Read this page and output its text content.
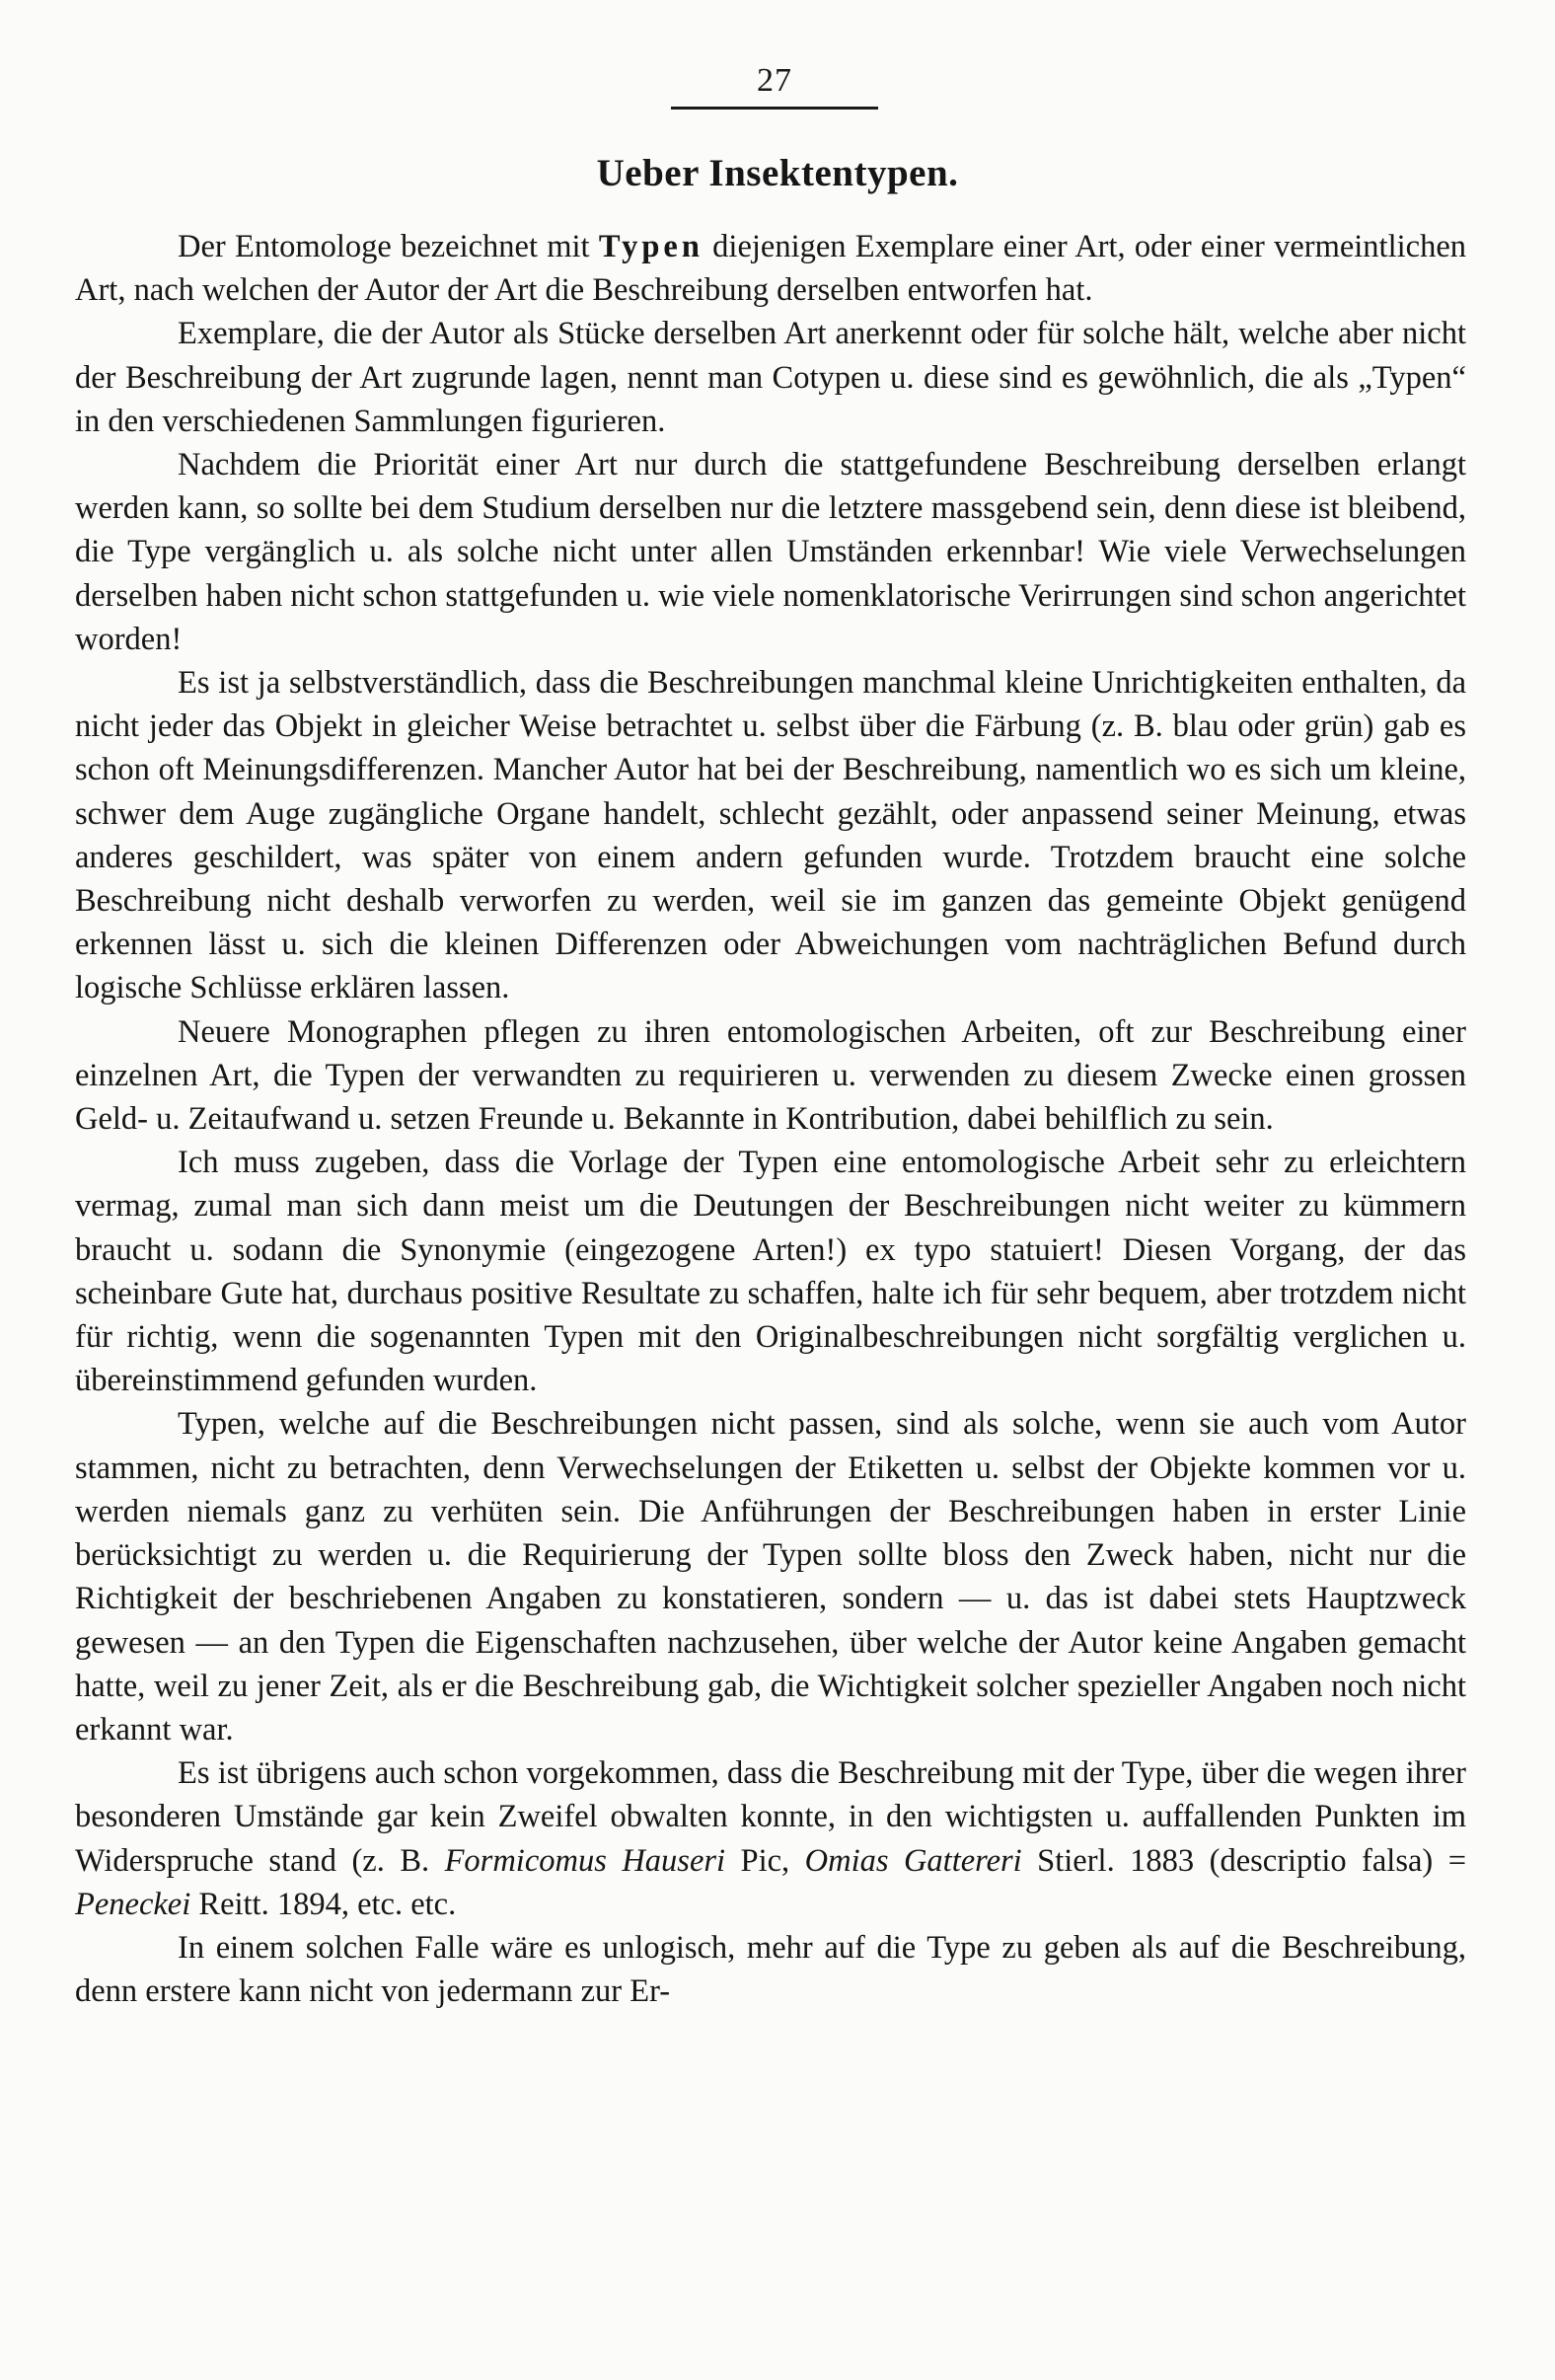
27
Ueber Insektentypen.

Der Entomologe bezeichnet mit Typen diejenigen Exemplare einer Art, oder einer vermeintlichen Art, nach welchen der Autor der Art die Beschreibung derselben entworfen hat.

Exemplare, die der Autor als Stücke derselben Art anerkennt oder für solche hält, welche aber nicht der Beschreibung der Art zugrunde lagen, nennt man Cotypen u. diese sind es gewöhnlich, die als „Typen“ in den verschiedenen Sammlungen figurieren.

Nachdem die Priorität einer Art nur durch die stattgefundene Beschreibung derselben erlangt werden kann, so sollte bei dem Studium derselben nur die letztere massgebend sein, denn diese ist bleibend, die Type vergänglich u. als solche nicht unter allen Umständen erkennbar! Wie viele Verwechselungen derselben haben nicht schon stattgefunden u. wie viele nomenklatorische Verirrungen sind schon angerichtet worden!

Es ist ja selbstverständlich, dass die Beschreibungen manchmal kleine Unrichtigkeiten enthalten, da nicht jeder das Objekt in gleicher Weise betrachtet u. selbst über die Färbung (z. B. blau oder grün) gab es schon oft Meinungsdifferenzen. Mancher Autor hat bei der Beschreibung, namentlich wo es sich um kleine, schwer dem Auge zugängliche Organe handelt, schlecht gezählt, oder anpassend seiner Meinung, etwas anderes geschildert, was später von einem andern gefunden wurde. Trotzdem braucht eine solche Beschreibung nicht deshalb verworfen zu werden, weil sie im ganzen das gemeinte Objekt genügend erkennen lässt u. sich die kleinen Differenzen oder Abweichungen vom nachträglichen Befund durch logische Schlüsse erklären lassen.

Neuere Monographen pflegen zu ihren entomologischen Arbeiten, oft zur Beschreibung einer einzelnen Art, die Typen der verwandten zu requirieren u. verwenden zu diesem Zwecke einen grossen Geld- u. Zeitaufwand u. setzen Freunde u. Bekannte in Kontribution, dabei behilflich zu sein.

Ich muss zugeben, dass die Vorlage der Typen eine entomologische Arbeit sehr zu erleichtern vermag, zumal man sich dann meist um die Deutungen der Beschreibungen nicht weiter zu kümmern braucht u. sodann die Synonymie (eingezogene Arten!) ex typo statuiert! Diesen Vorgang, der das scheinbare Gute hat, durchaus positive Resultate zu schaffen, halte ich für sehr bequem, aber trotzdem nicht für richtig, wenn die sogenannten Typen mit den Originalbeschreibungen nicht sorgfältig verglichen u. übereinstimmend gefunden wurden.

Typen, welche auf die Beschreibungen nicht passen, sind als solche, wenn sie auch vom Autor stammen, nicht zu betrachten, denn Verwechselungen der Etiketten u. selbst der Objekte kommen vor u. werden niemals ganz zu verhüten sein. Die Anführungen der Beschreibungen haben in erster Linie berücksichtigt zu werden u. die Requirierung der Typen sollte bloss den Zweck haben, nicht nur die Richtigkeit der beschriebenen Angaben zu konstatieren, sondern — u. das ist dabei stets Hauptzweck gewesen — an den Typen die Eigenschaften nachzusehen, über welche der Autor keine Angaben gemacht hatte, weil zu jener Zeit, als er die Beschreibung gab, die Wichtigkeit solcher spezieller Angaben noch nicht erkannt war.

Es ist übrigens auch schon vorgekommen, dass die Beschreibung mit der Type, über die wegen ihrer besonderen Umstände gar kein Zweifel obwalten konnte, in den wichtigsten u. auffallenden Punkten im Widerspruche stand (z. B. Formicomus Hauseri Pic, Omias Gattereri Stierl. 1883 (descriptio falsa) = Peneckei Reitt. 1894, etc. etc.

In einem solchen Falle wäre es unlogisch, mehr auf die Type zu geben als auf die Beschreibung, denn erstere kann nicht von jedermann zur Er-
